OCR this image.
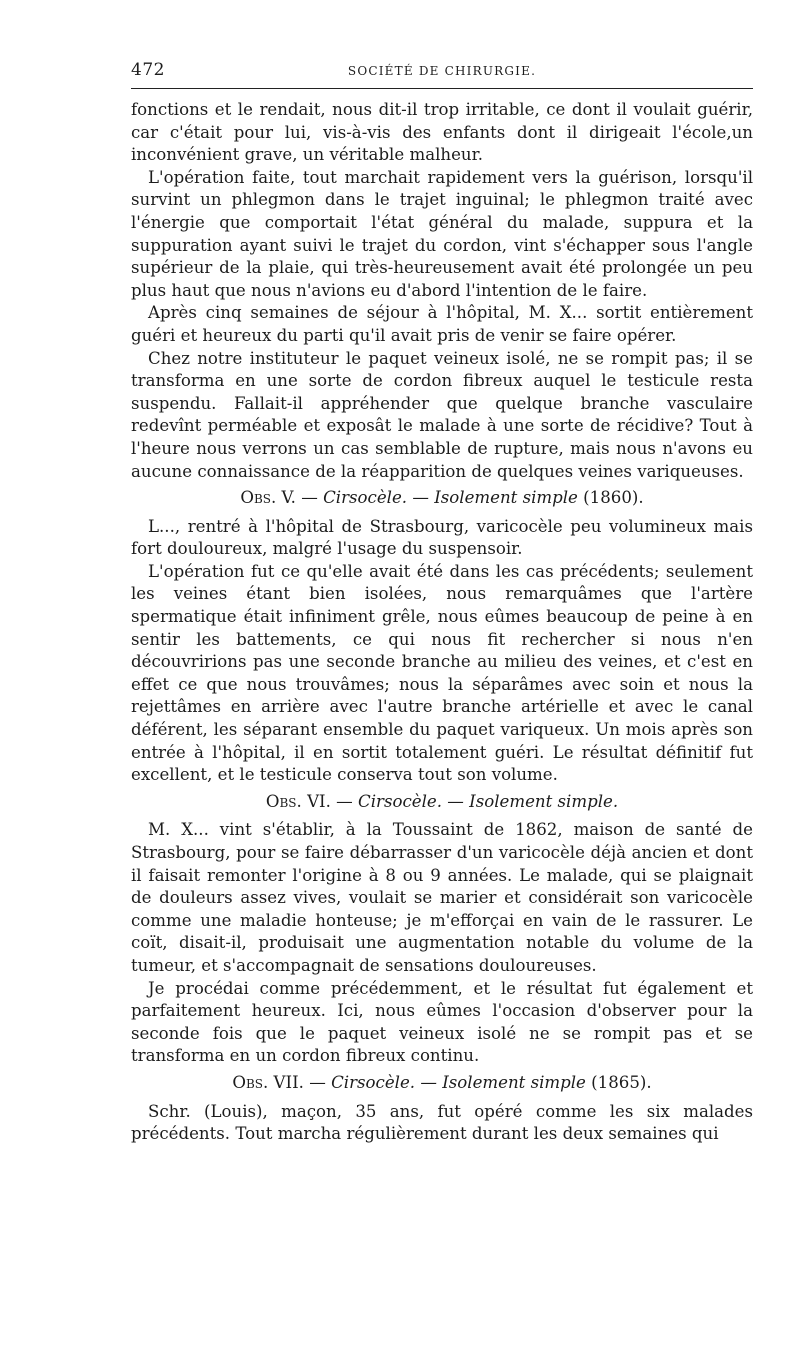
472	SOCIÉTÉ DE CHIRURGIE.

fonctions et le rendait, nous dit-il trop irritable, ce dont il voulait guérir, car c'était pour lui, vis-à-vis des enfants dont il dirigeait l'école,un inconvénient grave, un véritable malheur.

L'opération faite, tout marchait rapidement vers la guérison, lorsqu'il survint un phlegmon dans le trajet inguinal; le phlegmon traité avec l'énergie que comportait l'état général du malade, suppura et la suppuration ayant suivi le trajet du cordon, vint s'échapper sous l'angle supérieur de la plaie, qui très-heureusement avait été prolongée un peu plus haut que nous n'avions eu d'abord l'intention de le faire.

Après cinq semaines de séjour à l'hôpital, M. X... sortit entièrement guéri et heureux du parti qu'il avait pris de venir se faire opérer.

Chez notre instituteur le paquet veineux isolé, ne se rompit pas; il se transforma en une sorte de cordon fibreux auquel le testicule resta suspendu. Fallait-il appréhender que quelque branche vasculaire redevînt perméable et exposât le malade à une sorte de récidive? Tout à l'heure nous verrons un cas semblable de rupture, mais nous n'avons eu aucune connaissance de la réapparition de quelques veines variqueuses.

Obs. V. — Cirsocèle. — Isolement simple (1860).

L..., rentré à l'hôpital de Strasbourg, varicocèle peu volumineux mais fort douloureux, malgré l'usage du suspensoir.

L'opération fut ce qu'elle avait été dans les cas précédents; seulement les veines étant bien isolées, nous remarquâmes que l'artère spermatique était infiniment grêle, nous eûmes beaucoup de peine à en sentir les battements, ce qui nous fit rechercher si nous n'en découvririons pas une seconde branche au milieu des veines, et c'est en effet ce que nous trouvâmes; nous la séparâmes avec soin et nous la rejettâmes en arrière avec l'autre branche artérielle et avec le canal déférent, les séparant ensemble du paquet variqueux. Un mois après son entrée à l'hôpital, il en sortit totalement guéri. Le résultat définitif fut excellent, et le testicule conserva tout son volume.

Obs. VI. — Cirsocèle. — Isolement simple.

M. X... vint s'établir, à la Toussaint de 1862, maison de santé de Strasbourg, pour se faire débarrasser d'un varicocèle déjà ancien et dont il faisait remonter l'origine à 8 ou 9 années. Le malade, qui se plaignait de douleurs assez vives, voulait se marier et considérait son varicocèle comme une maladie honteuse; je m'efforçai en vain de le rassurer. Le coït, disait-il, produisait une augmentation notable du volume de la tumeur, et s'accompagnait de sensations douloureuses.

Je procédai comme précédemment, et le résultat fut également et parfaitement heureux. Ici, nous eûmes l'occasion d'observer pour la seconde fois que le paquet veineux isolé ne se rompit pas et se transforma en un cordon fibreux continu.

Obs. VII. — Cirsocèle. — Isolement simple (1865).

Schr. (Louis), maçon, 35 ans, fut opéré comme les six malades précédents. Tout marcha régulièrement durant les deux semaines qui
